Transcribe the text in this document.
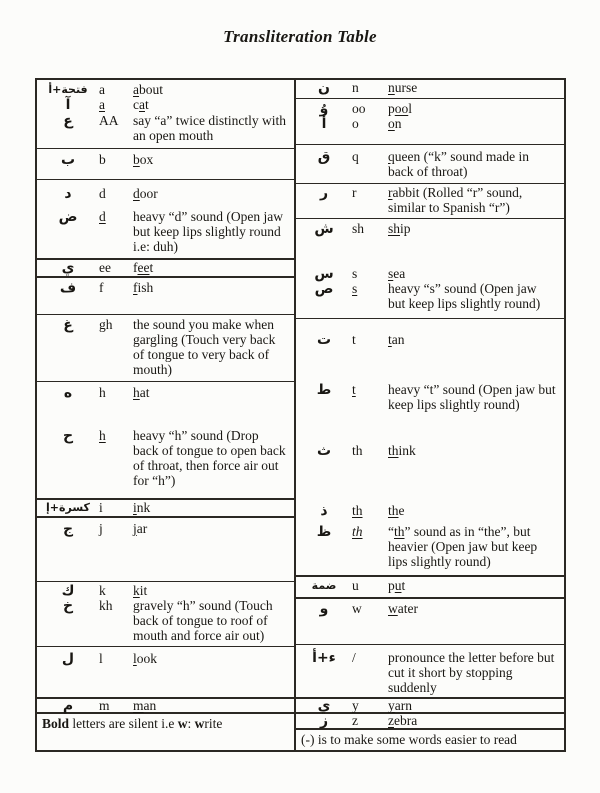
Transliteration Table
فتحة+أ a	about
آ	a	cat
ع	AA	say “a” twice distinctly with an open mouth
ب	b	box
د	d	door
ض	d	heavy “d” sound (Open jaw but keep lips slightly round i.e: duh)
ي	ee	feet
ف	f	fish
غ	gh	the sound you make when gargling (Touch very back of tongue to very back of mouth)
ه	h	hat
ح	h	heavy “h” sound (Drop back of tongue to open back of throat, then force air out for “h”)
كسرة+إ i	ink
ج	j	jar
ك	k	kit
خ	kh	gravely “h” sound (Touch back of tongue to roof of mouth and force air out)
ل	l	look
م	m	man
Bold letters are silent i.e w: write
ن	n	nurse
وُ	oo	pool
أ	o	on
ق	q	queen (“k” sound made in back of throat)
ر	r	rabbit (Rolled “r” sound, similar to Spanish “r”)
ش	sh	ship
س	s	sea
ص	s	heavy “s” sound (Open jaw but keep lips slightly round)
ت	t	tan
ط	t	heavy “t” sound (Open jaw but keep lips slightly round)
ث	th	think
ذ	th	the
ظ	th	“th” sound as in “the”, but heavier (Open jaw but keep lips slightly round)
ضمة	u	put
و	w	water
ء+أ	/	pronounce the letter before but cut it short by stopping suddenly
ي	y	yarn
ز	z	zebra
(-) is to make some words easier to read
